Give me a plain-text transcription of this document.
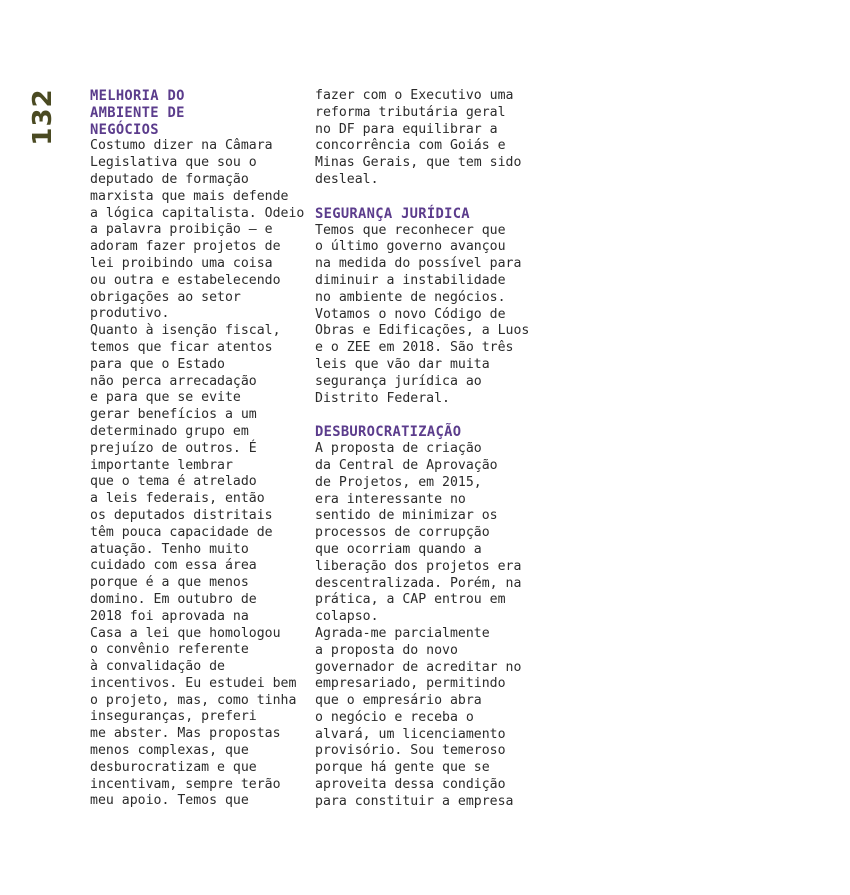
132 MELHORIA DO
AMBIENTE DE
NEGÓCIOS
Costumo dizer na Câmara
Legislativa que sou o
deputado de formação
marxista que mais defende
a lógica capitalista. Odeio
a palavra proibição — e
adoram fazer projetos de
lei proibindo uma coisa
ou outra e estabelecendo
obrigações ao setor
produtivo.
Quanto à isenção fiscal,
temos que ficar atentos
para que o Estado
não perca arrecadação
e para que se evite
gerar benefícios a um
determinado grupo em
prejuízo de outros. É
importante lembrar
que o tema é atrelado
a leis federais, então
os deputados distritais
têm pouca capacidade de
atuação. Tenho muito
cuidado com essa área
porque é a que menos
domino. Em outubro de
2018 foi aprovada na
Casa a lei que homologou
o convênio referente
à convalidação de
incentivos. Eu estudei bem
o projeto, mas, como tinha
inseguranças, preferi
me abster. Mas propostas
menos complexas, que
desburocratizam e que
incentivam, sempre terão
meu apoio. Temos que
fazer com o Executivo uma
reforma tributária geral
no DF para equilibrar a
concorrência com Goiás e
Minas Gerais, que tem sido
desleal.
SEGURANÇA JURÍDICA
Temos que reconhecer que
o último governo avançou
na medida do possível para
diminuir a instabilidade
no ambiente de negócios.
Votamos o novo Código de
Obras e Edificações, a Luos
e o ZEE em 2018. São três
leis que vão dar muita
segurança jurídica ao
Distrito Federal.
DESBUROCRATIZAÇÃO
A proposta de criação
da Central de Aprovação
de Projetos, em 2015,
era interessante no
sentido de minimizar os
processos de corrupção
que ocorriam quando a
liberação dos projetos era
descentralizada. Porém, na
prática, a CAP entrou em
colapso.
Agrada-me parcialmente
a proposta do novo
governador de acreditar no
empresariado, permitindo
que o empresário abra
o negócio e receba o
alvará, um licenciamento
provisório. Sou temeroso
porque há gente que se
aproveita dessa condição
para constituir a empresa
